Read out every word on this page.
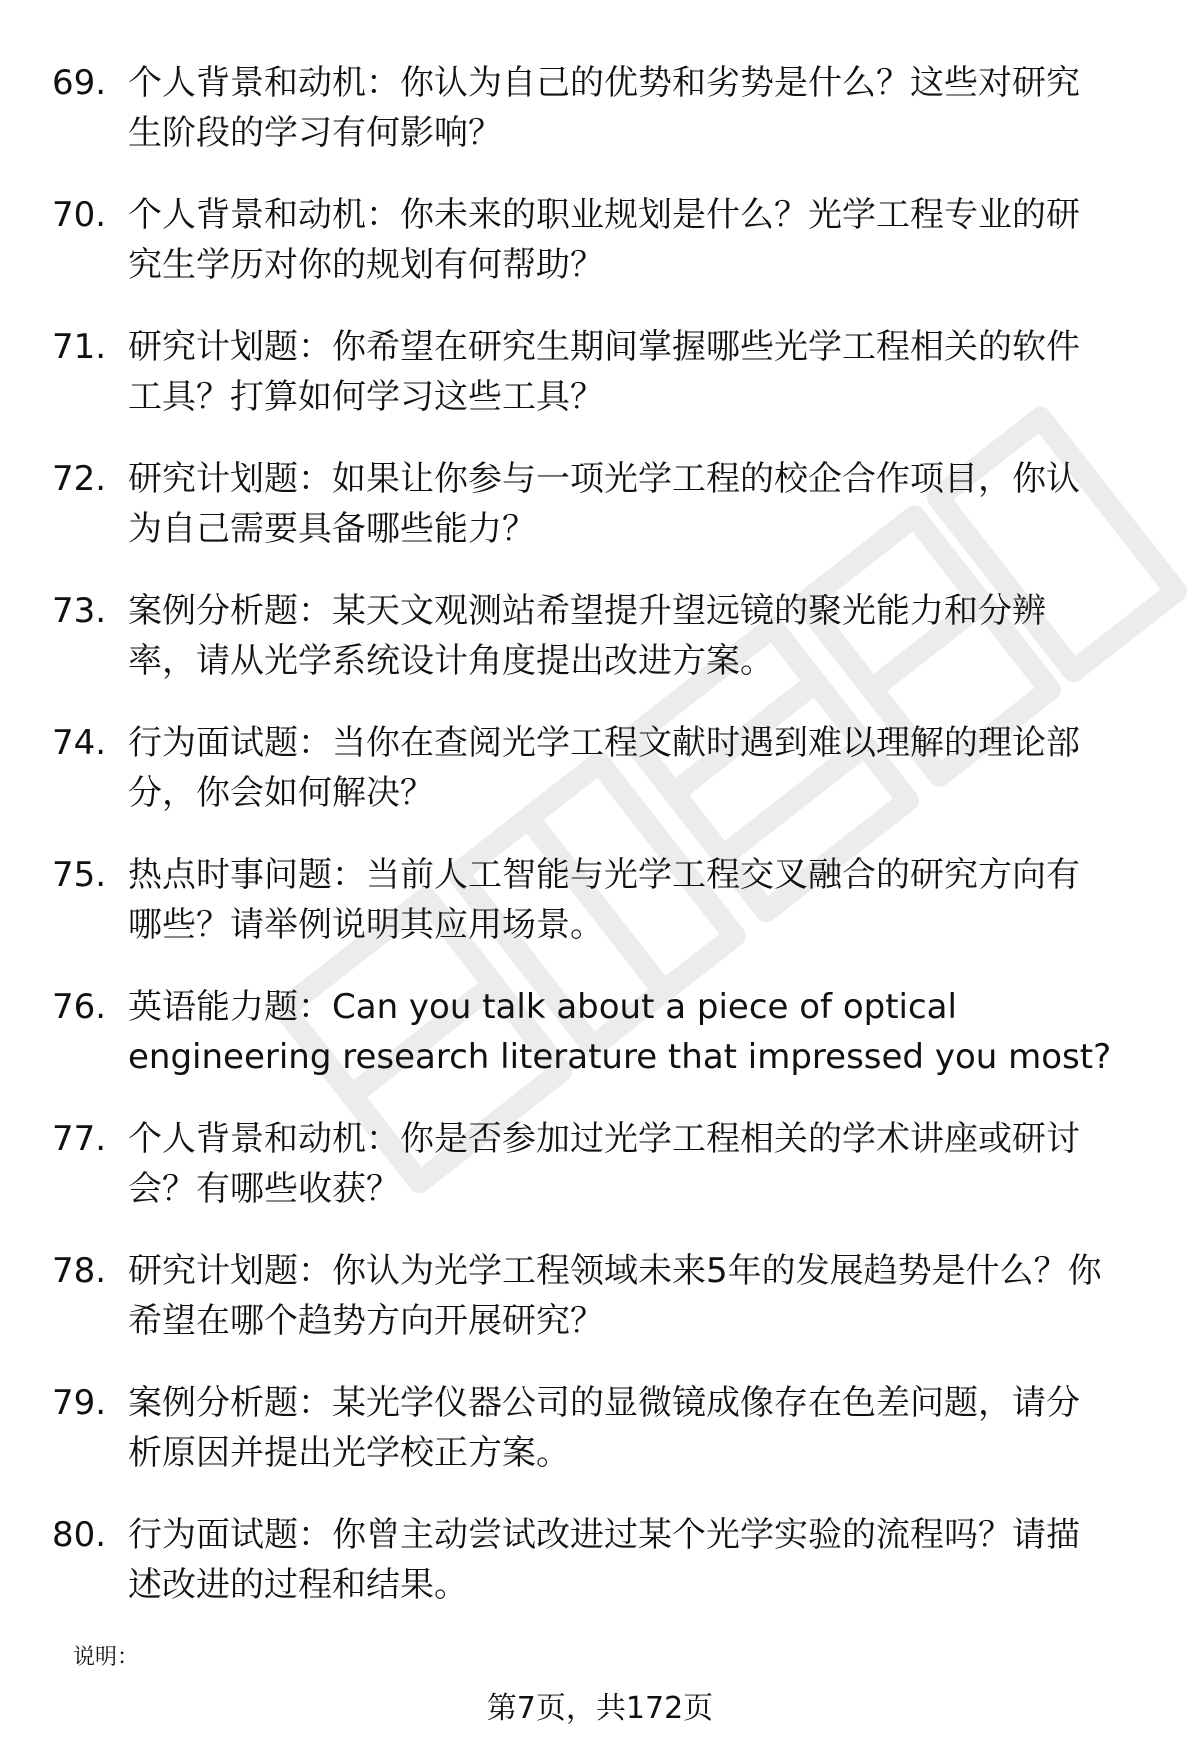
69. 个人背景和动机：你认为自己的优势和劣势是什么？这些对研究
生阶段的学习有何影响？
70. 个人背景和动机：你未来的职业规划是什么？光学工程专业的研
究生学历对你的规划有何帮助？
71. 研究计划题：你希望在研究生期间掌握哪些光学工程相关的软件
工具？打算如何学习这些工具？
72. 研究计划题：如果让你参与一项光学工程的校企合作项目，你认
为自己需要具备哪些能力？
73. 案例分析题：某天文观测站希望提升望远镜的聚光能力和分辨
率，请从光学系统设计角度提出改进方案。
74. 行为面试题：当你在查阅光学工程文献时遇到难以理解的理论部
分，你会如何解决？
75. 热点时事问题：当前人工智能与光学工程交叉融合的研究方向有
哪些？请举例说明其应用场景。
76. 英语能力题：Can you talk about a piece of optical
engineering research literature that impressed you most?
77. 个人背景和动机：你是否参加过光学工程相关的学术讲座或研讨
会？有哪些收获？
78. 研究计划题：你认为光学工程领域未来5年的发展趋势是什么？你
希望在哪个趋势方向开展研究？
79. 案例分析题：某光学仪器公司的显微镜成像存在色差问题，请分
析原因并提出光学校正方案。
80. 行为面试题：你曾主动尝试改进过某个光学实验的流程吗？请描
述改进的过程和结果。
说明：
第7页，共172页
